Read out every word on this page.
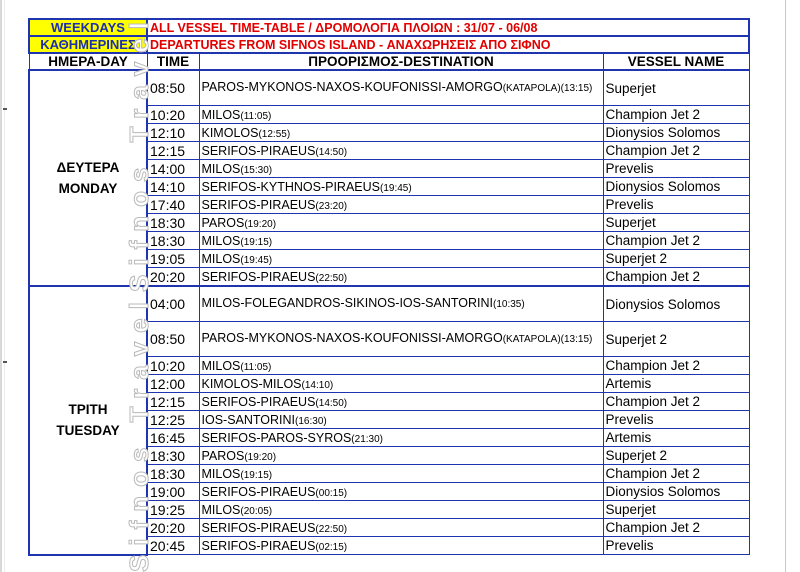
WEEKDAYS	ALL VESSEL TIME-TABLE / ΔΡΟΜΟΛΟΓΙΑ ΠΛΟΙΩΝ : 31/07 - 06/08		
ΚΑΘΗΜΕΡΙΝΕΣ	DEPARTURES FROM SIFNOS ISLAND - ΑΝΑΧΩΡΗΣΕΙΣ ΑΠΟ ΣΙΦΝΟ		
ΗΜΕΡΑ-DAY	TIME	ΠΡΟΟΡΙΣΜΟΣ-DESTINATION	VESSEL NAME

ΔΕΥΤΕΡΑ
MONDAY	08:50	PAROS-MYKONOS-NAXOS-KOUFONISSI-AMORGO(KATAPOLA)(13:15)	Superjet
	10:20	MILOS(11:05)	Champion Jet 2
	12:10	KIMOLOS(12:55)	Dionysios Solomos
	12:15	SERIFOS-PIRAEUS(14:50)	Champion Jet 2
	14:00	MILOS(15:30)	Prevelis
	14:10	SERIFOS-KYTHNOS-PIRAEUS(19:45)	Dionysios Solomos
	17:40	SERIFOS-PIRAEUS(23:20)	Prevelis
	18:30	PAROS(19:20)	Superjet
	18:30	MILOS(19:15)	Champion Jet 2
	19:05	MILOS(19:45)	Superjet 2
	20:20	SERIFOS-PIRAEUS(22:50)	Champion Jet 2

ΤΡΙΤΗ
TUESDAY	04:00	MILOS-FOLEGANDROS-SIKINOS-IOS-SANTORINI(10:35)	Dionysios Solomos
	08:50	PAROS-MYKONOS-NAXOS-KOUFONISSI-AMORGO(KATAPOLA)(13:15)	Superjet 2
	10:20	MILOS(11:05)	Champion Jet 2
	12:00	KIMOLOS-MILOS(14:10)	Artemis
	12:15	SERIFOS-PIRAEUS(14:50)	Champion Jet 2
	12:25	IOS-SANTORINI(16:30)	Prevelis
	16:45	SERIFOS-PAROS-SYROS(21:30)	Artemis
	18:30	PAROS(19:20)	Superjet 2
	18:30	MILOS(19:15)	Champion Jet 2
	19:00	SERIFOS-PIRAEUS(00:15)	Dionysios Solomos
	19:25	MILOS(20:05)	Superjet
	20:20	SERIFOS-PIRAEUS(22:50)	Champion Jet 2
	20:45	SERIFOS-PIRAEUS(02:15)	Prevelis
Sifnos Travel
Sifnos Travel
